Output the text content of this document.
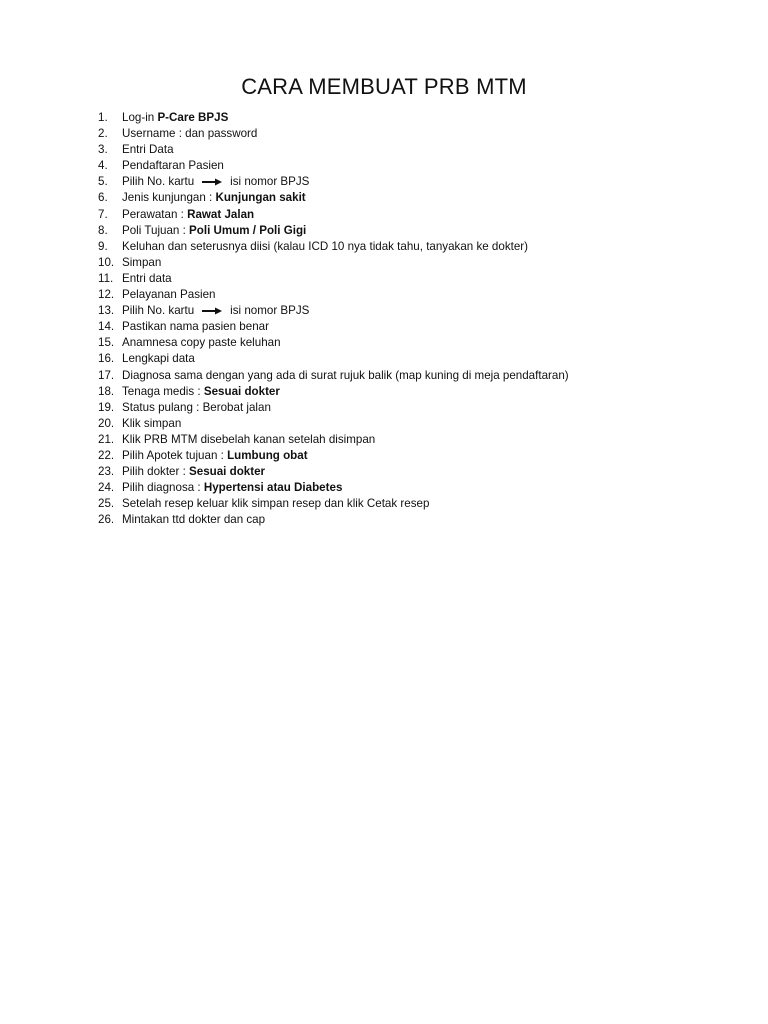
CARA MEMBUAT PRB MTM
1.	Log-in P-Care BPJS
2.	Username : dan password
3.	Entri Data
4.	Pendaftaran Pasien
5.	Pilih No. kartu	isi nomor BPJS
6.	Jenis kunjungan : Kunjungan sakit
7.	Perawatan : Rawat Jalan
8.	Poli Tujuan : Poli Umum / Poli Gigi
9.	Keluhan dan seterusnya diisi (kalau ICD 10 nya tidak tahu, tanyakan ke dokter)
10. Simpan
11. Entri data
12. Pelayanan Pasien
13. Pilih No. kartu	isi nomor BPJS
14. Pastikan nama pasien benar
15. Anamnesa copy paste keluhan
16. Lengkapi data
17. Diagnosa sama dengan yang ada di surat rujuk balik (map kuning di meja pendaftaran)
18. Tenaga medis : Sesuai dokter
19. Status pulang : Berobat jalan
20. Klik simpan
21. Klik PRB MTM disebelah kanan setelah disimpan
22. Pilih Apotek tujuan : Lumbung obat
23. Pilih dokter : Sesuai dokter
24. Pilih diagnosa : Hypertensi atau Diabetes
25. Setelah resep keluar klik simpan resep dan klik Cetak resep
26. Mintakan ttd dokter dan cap
